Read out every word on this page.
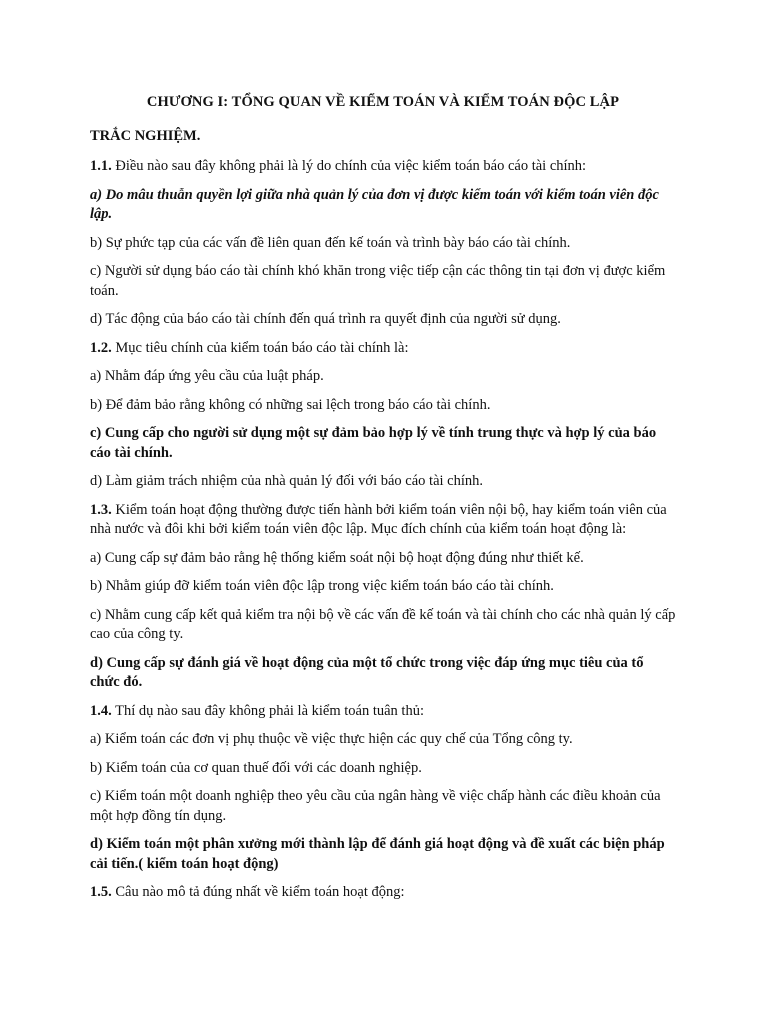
CHƯƠNG I: TỔNG QUAN VỀ KIỂM TOÁN VÀ KIỂM TOÁN ĐỘC LẬP
TRẮC NGHIỆM.

1.1. Điều nào sau đây không phải là lý do chính của việc kiểm toán báo cáo tài chính:

a) Do mâu thuẫn quyền lợi giữa nhà quản lý của đơn vị được kiểm toán với kiểm toán viên độc lập.

b) Sự phức tạp của các vấn đề liên quan đến kế toán và trình bày báo cáo tài chính.

c) Người sử dụng báo cáo tài chính khó khăn trong việc tiếp cận các thông tin tại đơn vị được kiểm toán.

d) Tác động của báo cáo tài chính đến quá trình ra quyết định của người sử dụng.

1.2. Mục tiêu chính của kiểm toán báo cáo tài chính là:

a) Nhằm đáp ứng yêu cầu của luật pháp.

b) Để đảm bảo rằng không có những sai lệch trong báo cáo tài chính.

c) Cung cấp cho người sử dụng một sự đảm bảo hợp lý về tính trung thực và hợp lý của báo cáo tài chính.

d) Làm giảm trách nhiệm của nhà quản lý đối với báo cáo tài chính.

1.3. Kiểm toán hoạt động thường được tiến hành bởi kiểm toán viên nội bộ, hay kiểm toán viên của nhà nước và đôi khi bởi kiểm toán viên độc lập. Mục đích chính của kiểm toán hoạt động là:

a) Cung cấp sự đảm bảo rằng hệ thống kiểm soát nội bộ hoạt động đúng như thiết kế.

b) Nhằm giúp đỡ kiểm toán viên độc lập trong việc kiểm toán báo cáo tài chính.

c) Nhằm cung cấp kết quả kiểm tra nội bộ về các vấn đề kế toán và tài chính cho các nhà quản lý cấp cao của công ty.

d) Cung cấp sự đánh giá về hoạt động của một tổ chức trong việc đáp ứng mục tiêu của tổ chức đó.

1.4. Thí dụ nào sau đây không phải là kiểm toán tuân thủ:

a) Kiểm toán các đơn vị phụ thuộc về việc thực hiện các quy chế của Tổng công ty.

b) Kiểm toán của cơ quan thuế đối với các doanh nghiệp.

c) Kiểm toán một doanh nghiệp theo yêu cầu của ngân hàng về việc chấp hành các điều khoản của một hợp đồng tín dụng.

d) Kiểm toán một phân xưởng mới thành lập để đánh giá hoạt động và đề xuất các biện pháp cải tiến.( kiểm toán hoạt động)

1.5. Câu nào mô tả đúng nhất về kiểm toán hoạt động:
